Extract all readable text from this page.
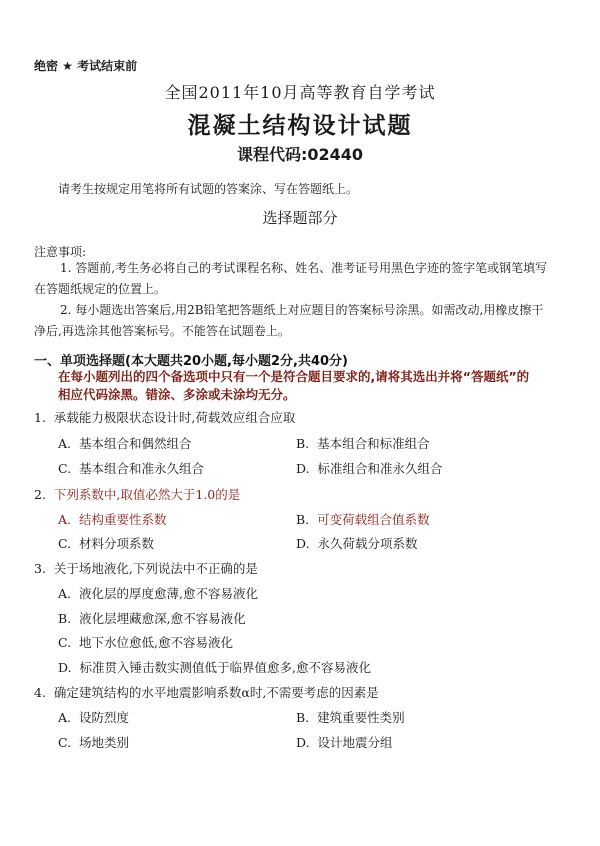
绝密 ★ 考试结束前
全国2011年10月高等教育自学考试
混凝土结构设计试题
课程代码:02440
请考生按规定用笔将所有试题的答案涂、写在答题纸上。
选择题部分
注意事项:
1. 答题前,考生务必将自己的考试课程名称、姓名、准考证号用黑色字迹的签字笔或钢笔填写在答题纸规定的位置上。
2. 每小题选出答案后,用2B铅笔把答题纸上对应题目的答案标号涂黑。如需改动,用橡皮擦干净后,再选涂其他答案标号。不能答在试题卷上。
一、单项选择题(本大题共20小题,每小题2分,共40分)
在每小题列出的四个备选项中只有一个是符合题目要求的,请将其选出并将“答题纸”的相应代码涂黑。错涂、多涂或未涂均无分。
1. 承载能力极限状态设计时,荷载效应组合应取
A. 基本组合和偶然组合	B. 基本组合和标准组合
C. 基本组合和准永久组合	D. 标准组合和准永久组合
2. 下列系数中,取值必然大于1.0的是
A. 结构重要性系数	B. 可变荷载组合值系数
C. 材料分项系数	D. 永久荷载分项系数
3. 关于场地液化,下列说法中不正确的是
A. 液化层的厚度愈薄,愈不容易液化
B. 液化层埋藏愈深,愈不容易液化
C. 地下水位愈低,愈不容易液化
D. 标准贯入锤击数实测值低于临界值愈多,愈不容易液化
4. 确定建筑结构的水平地震影响系数α时,不需要考虑的因素是
A. 设防烈度	B. 建筑重要性类别
C. 场地类别	D. 设计地震分组
